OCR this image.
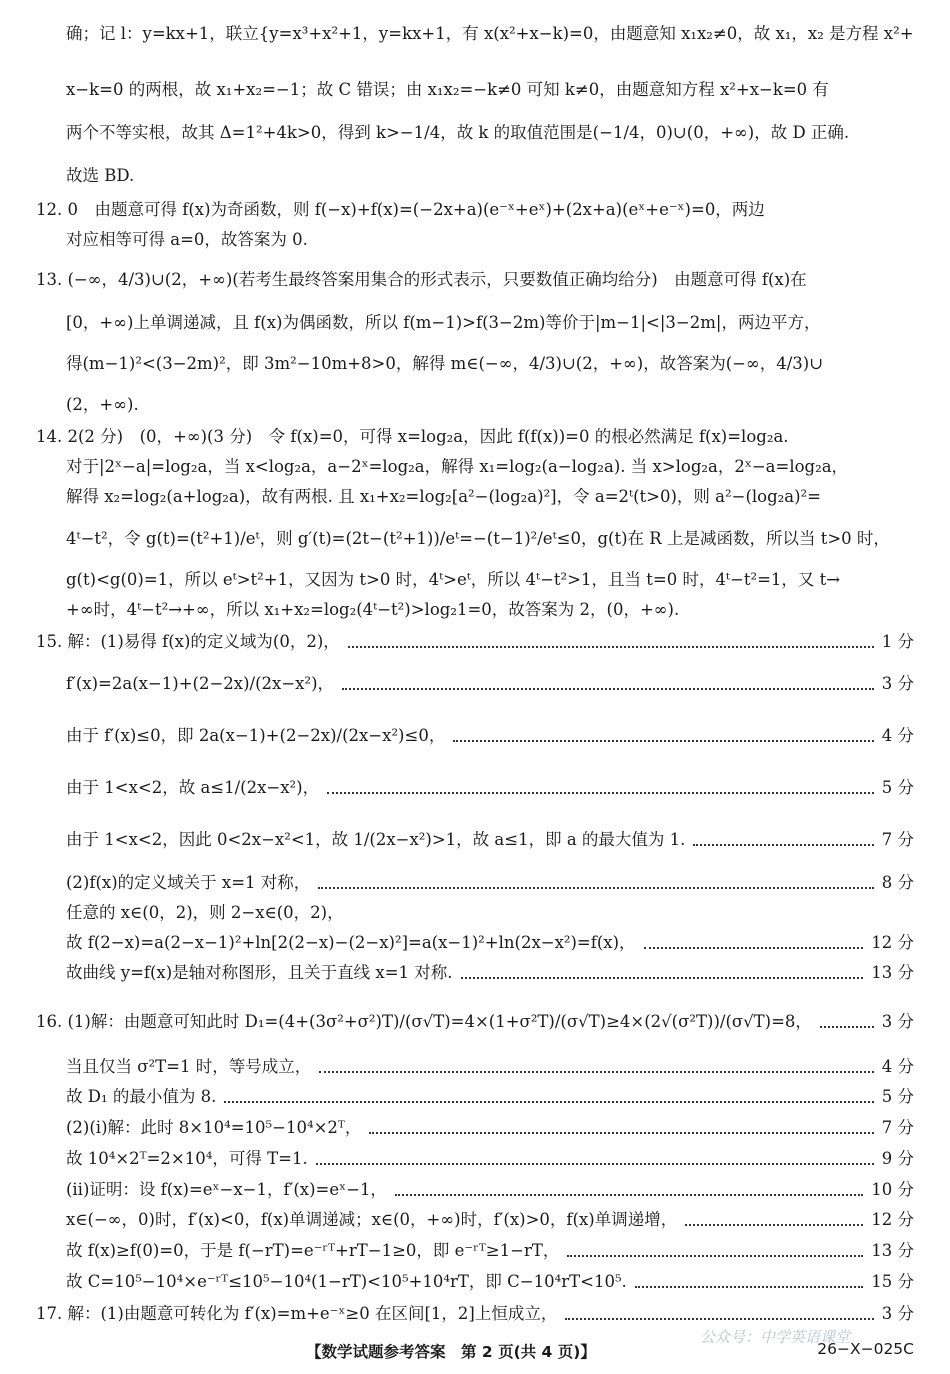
确；记 l：y=kx+1，联立{y=x³+x²+1，y=kx+1，有 x(x²+x−k)=0，由题意知 x₁x₂≠0，故 x₁，x₂ 是方程 x²+
x−k=0 的两根，故 x₁+x₂=−1；故 C 错误；由 x₁x₂=−k≠0 可知 k≠0，由题意知方程 x²+x−k=0 有
两个不等实根，故其 Δ=1²+4k>0，得到 k>−1/4，故 k 的取值范围是(−1/4，0)∪(0，+∞)，故 D 正确.
故选 BD.
12. 0　由题意可得 f(x)为奇函数，则 f(−x)+f(x)=(−2x+a)(e⁻ˣ+eˣ)+(2x+a)(eˣ+e⁻ˣ)=0，两边
对应相等可得 a=0，故答案为 0.
13. (−∞，4/3)∪(2，+∞)(若考生最终答案用集合的形式表示，只要数值正确均给分)　由题意可得 f(x)在
[0，+∞)上单调递减，且 f(x)为偶函数，所以 f(m−1)>f(3−2m)等价于|m−1|<|3−2m|，两边平方，
得(m−1)²<(3−2m)²，即 3m²−10m+8>0，解得 m∈(−∞，4/3)∪(2，+∞)，故答案为(−∞，4/3)∪
(2，+∞).
14. 2(2 分)　(0，+∞)(3 分)　令 f(x)=0，可得 x=log₂a，因此 f(f(x))=0 的根必然满足 f(x)=log₂a.
对于|2ˣ−a|=log₂a，当 x<log₂a，a−2ˣ=log₂a，解得 x₁=log₂(a−log₂a). 当 x>log₂a，2ˣ−a=log₂a，
解得 x₂=log₂(a+log₂a)，故有两根. 且 x₁+x₂=log₂[a²−(log₂a)²]，令 a=2ᵗ(t>0)，则 a²−(log₂a)²=
4ᵗ−t²，令 g(t)=(t²+1)/eᵗ，则 g′(t)=(2t−(t²+1))/eᵗ=−(t−1)²/eᵗ≤0，g(t)在 R 上是减函数，所以当 t>0 时，
g(t)<g(0)=1，所以 eᵗ>t²+1，又因为 t>0 时，4ᵗ>eᵗ，所以 4ᵗ−t²>1，且当 t=0 时，4ᵗ−t²=1，又 t→
+∞时，4ᵗ−t²→+∞，所以 x₁+x₂=log₂(4ᵗ−t²)>log₂1=0，故答案为 2，(0，+∞).
15. 解：(1)易得 f(x)的定义域为(0，2)，	1 分
f′(x)=2a(x−1)+(2−2x)/(2x−x²)，	3 分
由于 f′(x)≤0，即 2a(x−1)+(2−2x)/(2x−x²)≤0，	4 分
由于 1<x<2，故 a≤1/(2x−x²)，	5 分
由于 1<x<2，因此 0<2x−x²<1，故 1/(2x−x²)>1，故 a≤1，即 a 的最大值为 1.	7 分
(2)f(x)的定义域关于 x=1 对称，	8 分
故 f(2−x)=a(2−x−1)²+ln[2(2−x)−(2−x)²]=a(x−1)²+ln(2x−x²)=f(x)，	12 分
故曲线 y=f(x)是轴对称图形，且关于直线 x=1 对称.	13 分
16. (1)解：由题意可知此时 D₁=(4+(3σ²+σ²)T)/(σ√T)=4×(1+σ²T)/(σ√T)≥4×(2√(σ²T))/(σ√T)=8，	3 分
当且仅当 σ²T=1 时，等号成立，	4 分
故 D₁ 的最小值为 8.	5 分
(2)(ⅰ)解：此时 8×10⁴=10⁵−10⁴×2ᵀ，	7 分
故 10⁴×2ᵀ=2×10⁴，可得 T=1.	9 分
(ⅱ)证明：设 f(x)=eˣ−x−1，f′(x)=eˣ−1，	10 分
x∈(−∞，0)时，f′(x)<0，f(x)单调递减；x∈(0，+∞)时，f′(x)>0，f(x)单调递增，	12 分
故 f(x)≥f(0)=0，于是 f(−rT)=e⁻ʳᵀ+rT−1≥0，即 e⁻ʳᵀ≥1−rT，	13 分
故 C=10⁵−10⁴×e⁻ʳᵀ≤10⁵−10⁴(1−rT)<10⁵+10⁴rT，即 C−10⁴rT<10⁵.	15 分
17. 解：(1)由题意可转化为 f′(x)=m+e⁻ˣ≥0 在区间[1，2]上恒成立，	3 分
任意的 x∈(0，2)，则 2−x∈(0，2)，
【数学试题参考答案　第 2 页(共 4 页)】	26−X−025C
公众号：中学英语课堂
